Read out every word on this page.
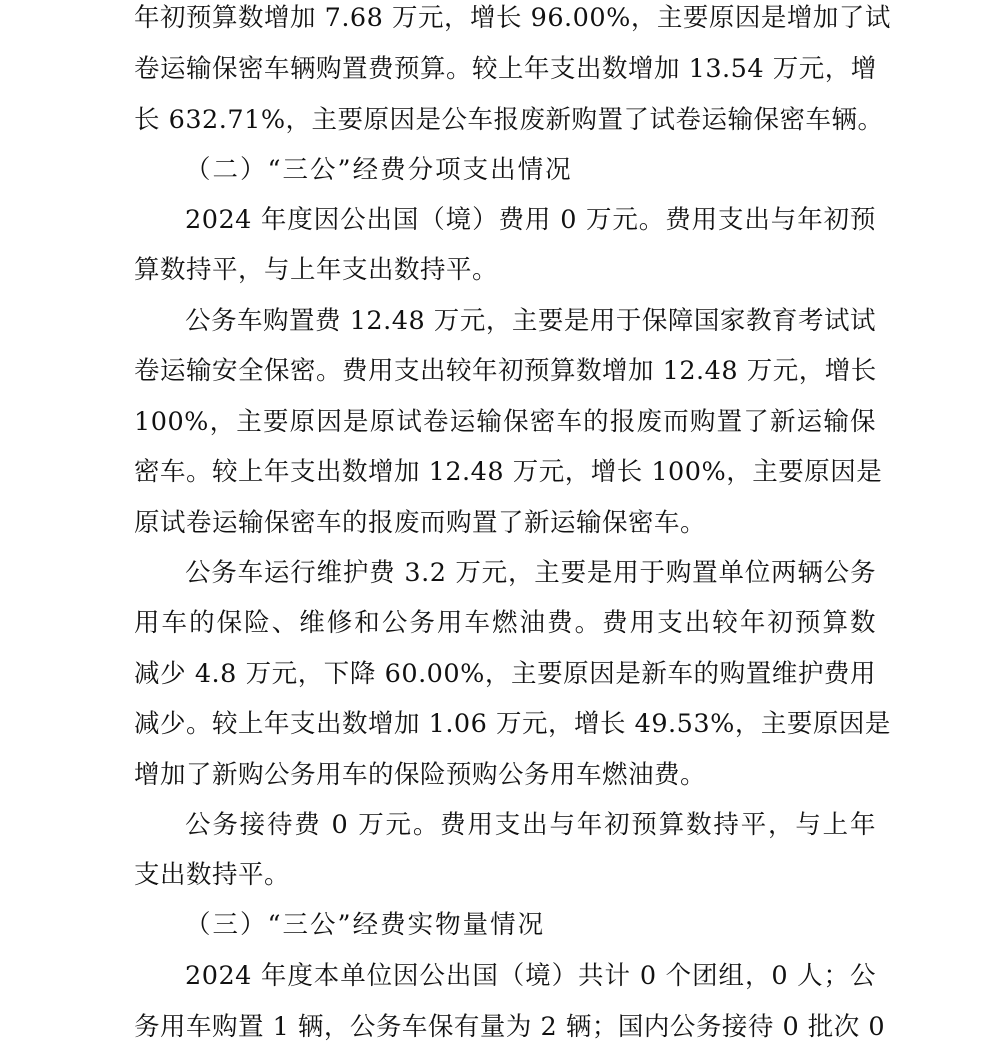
年初预算数增加 7.68 万元，增长 96.00%，主要原因是增加了试
卷运输保密车辆购置费预算。较上年支出数增加 13.54 万元，增
长 632.71%，主要原因是公车报废新购置了试卷运输保密车辆。
（二）“三公”经费分项支出情况
2024 年度因公出国（境）费用 0 万元。费用支出与年初预
算数持平，与上年支出数持平。
公务车购置费 12.48 万元，主要是用于保障国家教育考试试
卷运输安全保密。费用支出较年初预算数增加 12.48 万元，增长
100%，主要原因是原试卷运输保密车的报废而购置了新运输保
密车。较上年支出数增加 12.48 万元，增长 100%，主要原因是
原试卷运输保密车的报废而购置了新运输保密车。
公务车运行维护费 3.2 万元，主要是用于购置单位两辆公务
用车的保险、维修和公务用车燃油费。费用支出较年初预算数
减少 4.8 万元，下降 60.00%，主要原因是新车的购置维护费用
减少。较上年支出数增加 1.06 万元，增长 49.53%，主要原因是
增加了新购公务用车的保险预购公务用车燃油费。
公务接待费 0 万元。费用支出与年初预算数持平，与上年
支出数持平。
（三）“三公”经费实物量情况
2024 年度本单位因公出国（境）共计 0 个团组，0 人；公
务用车购置 1 辆，公务车保有量为 2 辆；国内公务接待 0 批次 0
